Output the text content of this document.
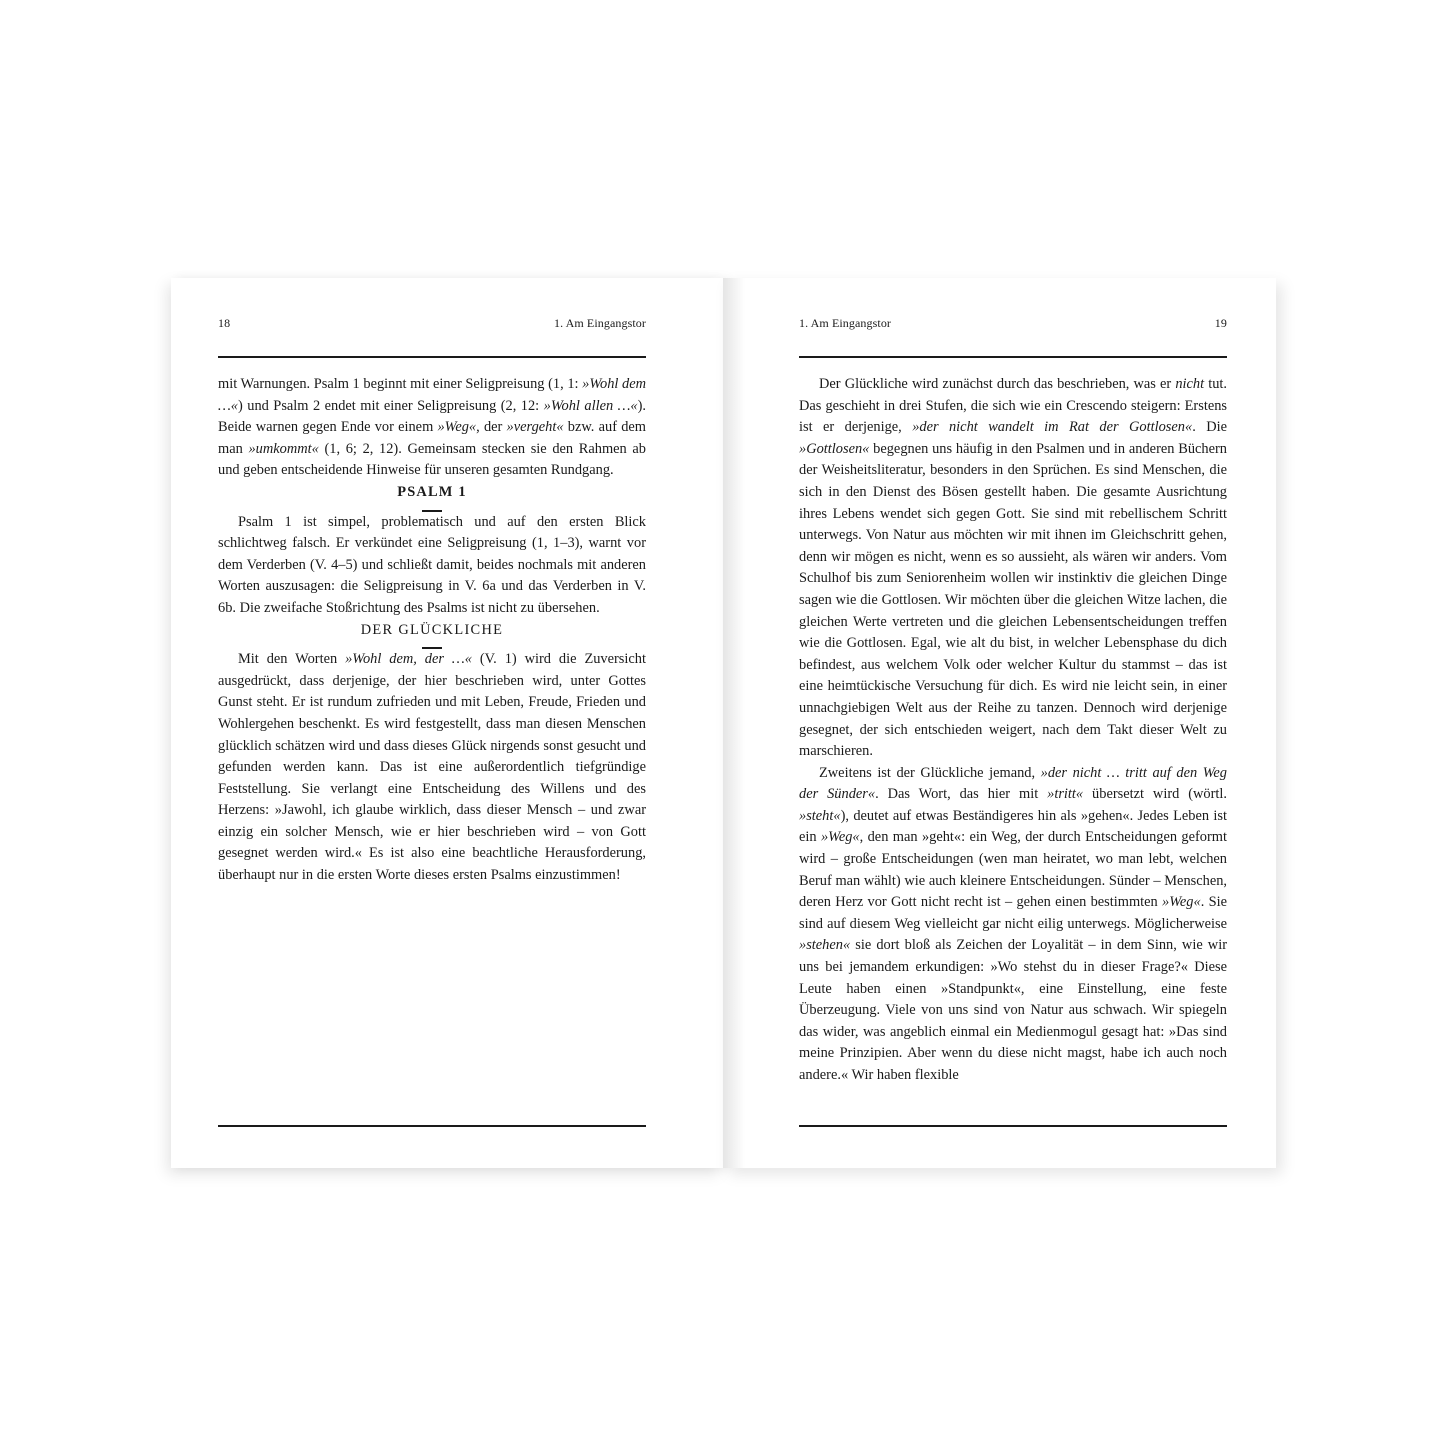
18	1. Am Eingangstor

mit Warnungen. Psalm 1 beginnt mit einer Seligpreisung (1, 1: »Wohl dem …«) und Psalm 2 endet mit einer Seligpreisung (2, 12: »Wohl allen …«). Beide warnen gegen Ende vor einem »Weg«, der »vergeht« bzw. auf dem man »umkommt« (1, 6; 2, 12). Gemeinsam stecken sie den Rahmen ab und geben entscheidende Hinweise für unseren gesamten Rundgang.

PSALM 1

Psalm 1 ist simpel, problematisch und auf den ersten Blick schlichtweg falsch. Er verkündet eine Seligpreisung (1, 1–3), warnt vor dem Verderben (V. 4–5) und schließt damit, beides nochmals mit anderen Worten auszusagen: die Seligpreisung in V. 6a und das Verderben in V. 6b. Die zweifache Stoßrichtung des Psalms ist nicht zu übersehen.

DER GLÜCKLICHE

Mit den Worten »Wohl dem, der …« (V. 1) wird die Zuversicht ausgedrückt, dass derjenige, der hier beschrieben wird, unter Gottes Gunst steht. Er ist rundum zufrieden und mit Leben, Freude, Frieden und Wohlergehen beschenkt. Es wird festgestellt, dass man diesen Menschen glücklich schätzen wird und dass dieses Glück nirgends sonst gesucht und gefunden werden kann. Das ist eine außerordentlich tiefgründige Feststellung. Sie verlangt eine Entscheidung des Willens und des Herzens: »Jawohl, ich glaube wirklich, dass dieser Mensch – und zwar einzig ein solcher Mensch, wie er hier beschrieben wird – von Gott gesegnet werden wird.« Es ist also eine beachtliche Herausforderung, überhaupt nur in die ersten Worte dieses ersten Psalms einzustimmen!

1. Am Eingangstor	19

Der Glückliche wird zunächst durch das beschrieben, was er nicht tut. Das geschieht in drei Stufen, die sich wie ein Crescendo steigern: Erstens ist er derjenige, »der nicht wandelt im Rat der Gottlosen«. Die »Gottlosen« begegnen uns häufig in den Psalmen und in anderen Büchern der Weisheitsliteratur, besonders in den Sprüchen. Es sind Menschen, die sich in den Dienst des Bösen gestellt haben. Die gesamte Ausrichtung ihres Lebens wendet sich gegen Gott. Sie sind mit rebellischem Schritt unterwegs. Von Natur aus möchten wir mit ihnen im Gleichschritt gehen, denn wir mögen es nicht, wenn es so aussieht, als wären wir anders. Vom Schulhof bis zum Seniorenheim wollen wir instinktiv die gleichen Dinge sagen wie die Gottlosen. Wir möchten über die gleichen Witze lachen, die gleichen Werte vertreten und die gleichen Lebensentscheidungen treffen wie die Gottlosen. Egal, wie alt du bist, in welcher Lebensphase du dich befindest, aus welchem Volk oder welcher Kultur du stammst – das ist eine heimtückische Versuchung für dich. Es wird nie leicht sein, in einer unnachgiebigen Welt aus der Reihe zu tanzen. Dennoch wird derjenige gesegnet, der sich entschieden weigert, nach dem Takt dieser Welt zu marschieren.

Zweitens ist der Glückliche jemand, »der nicht … tritt auf den Weg der Sünder«. Das Wort, das hier mit »tritt« übersetzt wird (wörtl. »steht«), deutet auf etwas Beständigeres hin als »gehen«. Jedes Leben ist ein »Weg«, den man »geht«: ein Weg, der durch Entscheidungen geformt wird – große Entscheidungen (wen man heiratet, wo man lebt, welchen Beruf man wählt) wie auch kleinere Entscheidungen. Sünder – Menschen, deren Herz vor Gott nicht recht ist – gehen einen bestimmten »Weg«. Sie sind auf diesem Weg vielleicht gar nicht eilig unterwegs. Möglicherweise »stehen« sie dort bloß als Zeichen der Loyalität – in dem Sinn, wie wir uns bei jemandem erkundigen: »Wo stehst du in dieser Frage?« Diese Leute haben einen »Standpunkt«, eine Einstellung, eine feste Überzeugung. Viele von uns sind von Natur aus schwach. Wir spiegeln das wider, was angeblich einmal ein Medienmogul gesagt hat: »Das sind meine Prinzipien. Aber wenn du diese nicht magst, habe ich auch noch andere.« Wir haben flexible
